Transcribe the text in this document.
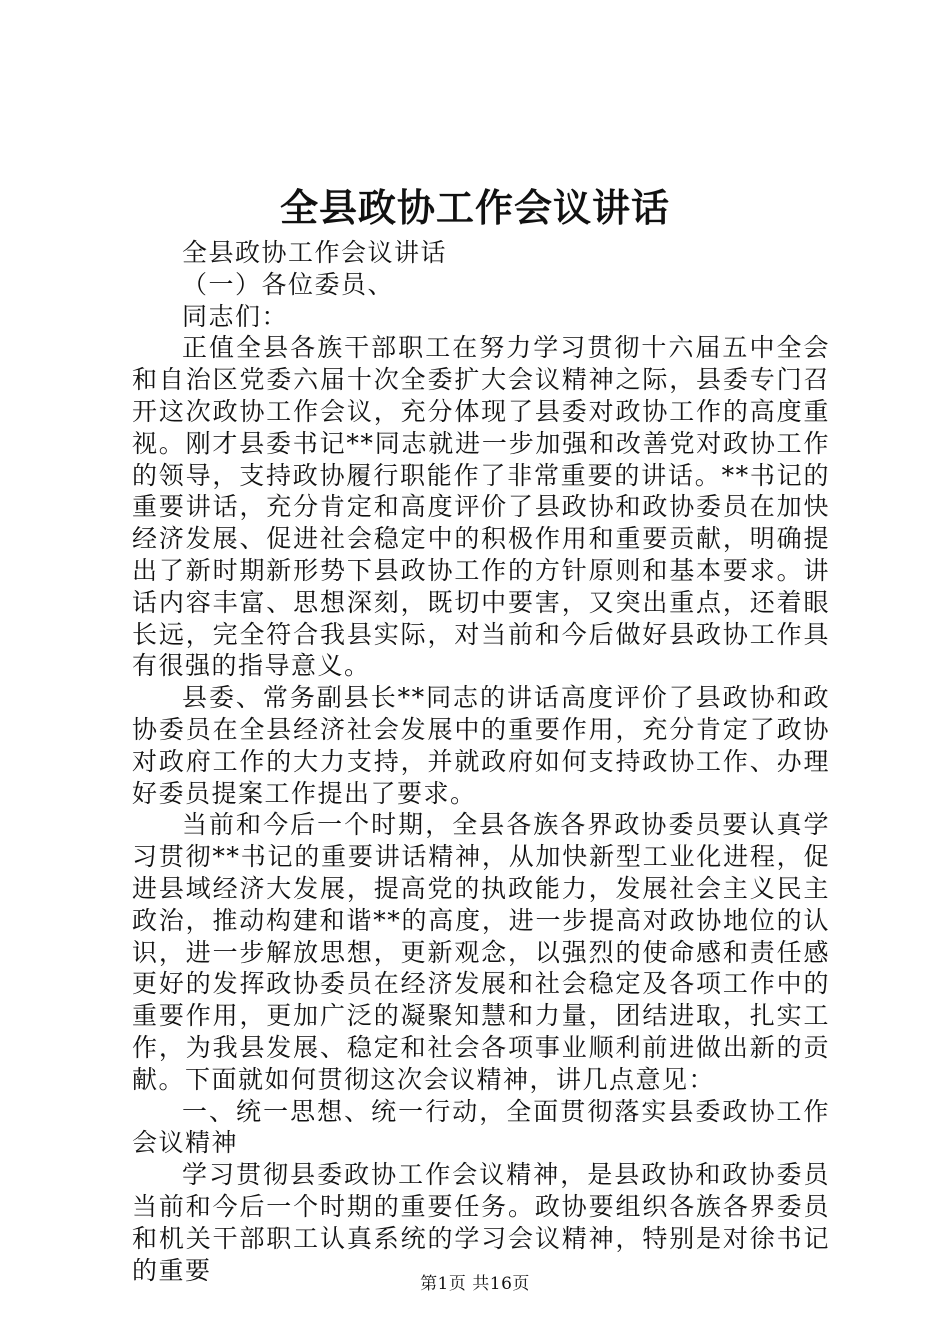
全县政协工作会议讲话

全县政协工作会议讲话

（一）各位委员、

同志们：

正值全县各族干部职工在努力学习贯彻十六届五中全会和自治区党委六届十次全委扩大会议精神之际，县委专门召开这次政协工作会议，充分体现了县委对政协工作的高度重视。刚才县委书记**同志就进一步加强和改善党对政协工作的领导，支持政协履行职能作了非常重要的讲话。**书记的重要讲话，充分肯定和高度评价了县政协和政协委员在加快经济发展、促进社会稳定中的积极作用和重要贡献，明确提出了新时期新形势下县政协工作的方针原则和基本要求。讲话内容丰富、思想深刻，既切中要害，又突出重点，还着眼长远，完全符合我县实际，对当前和今后做好县政协工作具有很强的指导意义。

县委、常务副县长**同志的讲话高度评价了县政协和政协委员在全县经济社会发展中的重要作用，充分肯定了政协对政府工作的大力支持，并就政府如何支持政协工作、办理好委员提案工作提出了要求。

当前和今后一个时期，全县各族各界政协委员要认真学习贯彻**书记的重要讲话精神，从加快新型工业化进程，促进县域经济大发展，提高党的执政能力，发展社会主义民主政治，推动构建和谐**的高度，进一步提高对政协地位的认识，进一步解放思想，更新观念，以强烈的使命感和责任感更好的发挥政协委员在经济发展和社会稳定及各项工作中的重要作用，更加广泛的凝聚知慧和力量，团结进取，扎实工作，为我县发展、稳定和社会各项事业顺利前进做出新的贡献。下面就如何贯彻这次会议精神，讲几点意见：

一、统一思想、统一行动，全面贯彻落实县委政协工作会议精神

学习贯彻县委政协工作会议精神，是县政协和政协委员当前和今后一个时期的重要任务。政协要组织各族各界委员和机关干部职工认真系统的学习会议精神，特别是对徐书记的重要	第1页 共16页
